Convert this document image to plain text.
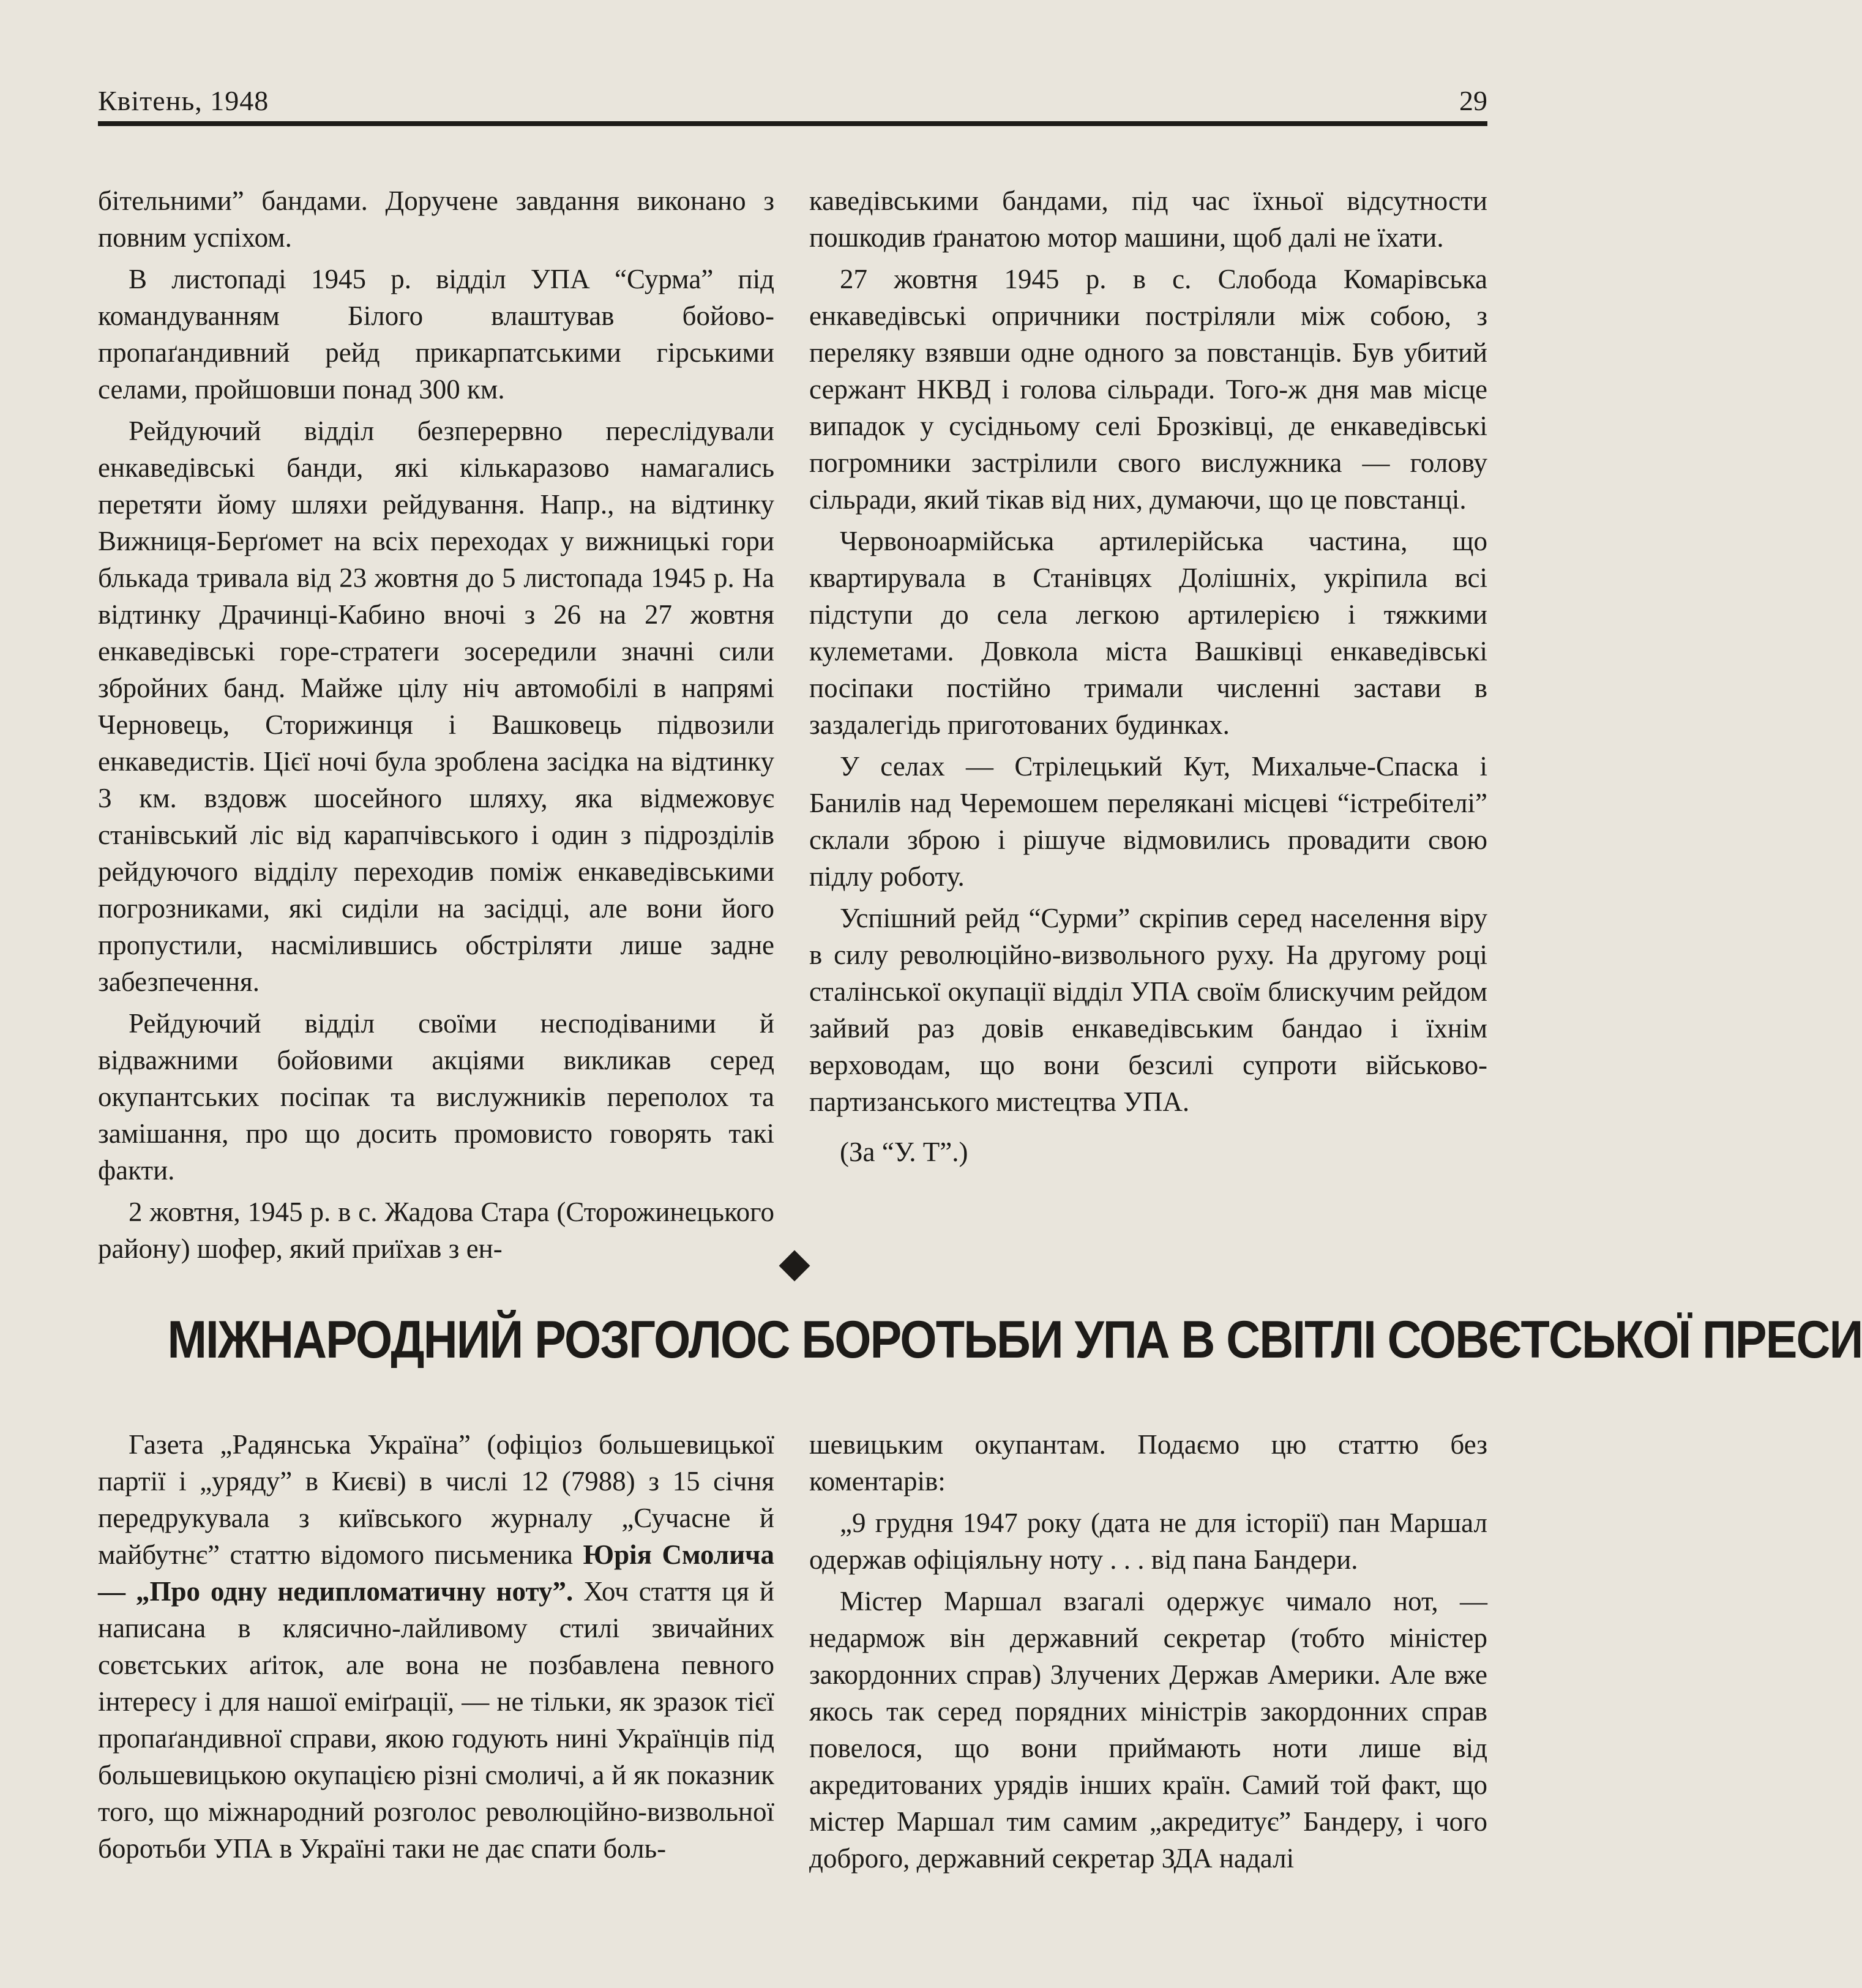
Квітень, 1948	29

бітельними” бандами. Доручене завдання виконано з повним успіхом.

В листопаді 1945 р. відділ УПА “Сурма” під командуванням Білого влаштував бойово-пропаґандивний рейд прикарпатськими гірськими селами, пройшовши понад 300 км.

Рейдуючий відділ безперервно переслідували енкаведівські банди, які кількаразово намагались перетяти йому шляхи рейдування. Напр., на відтинку Вижниця-Берґомет на всіх переходах у вижницькі гори блькада тривала від 23 жовтня до 5 листопада 1945 р. На відтинку Драчинці-Кабино вночі з 26 на 27 жовтня енкаведівські горе-стратеги зосередили значні сили збройних банд. Майже цілу ніч автомобілі в напрямі Черновець, Сторижинця і Вашковець підвозили енкаведистів. Цієї ночі була зроблена засідка на відтинку 3 км. вздовж шосейного шляху, яка відмежовує станівський ліс від карапчівського і один з підрозділів рейдуючого відділу переходив поміж енкаведівськими погрозниками, які сиділи на засідці, але вони його пропустили, насмілившись обстріляти лише задне забезпечення.

Рейдуючий відділ своїми несподіваними й відважними бойовими акціями викликав серед окупантських посіпак та вислужників переполох та замішання, про що досить промовисто говорять такі факти.

2 жовтня, 1945 р. в с. Жадова Стара (Сторожинецького району) шофер, який приїхав з ен-

каведівськими бандами, під час їхньої відсутности пошкодив ґранатою мотор машини, щоб далі не їхати.

27 жовтня 1945 р. в с. Слобода Комарівська енкаведівські опричники постріляли між собою, з переляку взявши одне одного за повстанців. Був убитий сержант НКВД і голова сільради. Того-ж дня мав місце випадок у сусідньому селі Брозківці, де енкаведівські погромники застрілили свого вислужника — голову сільради, який тікав від них, думаючи, що це повстанці.

Червоноармійська артилерійська частина, що квартирувала в Станівцях Долішніх, укріпила всі підступи до села легкою артилерією і тяжкими кулеметами. Довкола міста Вашківці енкаведівські посіпаки постійно тримали численні застави в заздалегідь приготованих будинках.

У селах — Стрілецький Кут, Михальче-Спаска і Банилів над Черемошем перелякані місцеві “істребітелі” склали зброю і рішуче відмовились провадити свою підлу роботу.

Успішний рейд “Сурми” скріпив серед населення віру в силу революційно-визвольного руху. На другому році сталінської окупації відділ УПА своїм блискучим рейдом зайвий раз довів енкаведівським бандао і їхнім верховодам, що вони безсилі супроти військово-партизанського мистецтва УПА.

(За “У. Т”.)

МІЖНАРОДНИЙ РОЗГОЛОС БОРОТЬБИ УПА В СВІТЛІ СОВЄТСЬКОЇ ПРЕСИ

Газета „Радянська Україна” (офіціоз большевицької партії і „уряду” в Києві) в числі 12 (7988) з 15 січня передрукувала з київського журналу „Сучасне й майбутнє” статтю відомого письменика Юрія Смолича — „Про одну недипломатичну ноту”. Хоч стаття ця й написана в клясично-лайливому стилі звичайних совєтських аґіток, але вона не позбавлена певного інтересу і для нашої еміґрації, — не тільки, як зразок тієї пропаґандивної справи, якою годують нині Українців під большевицькою окупацією різні смоличі, а й як показник того, що міжнародний розголос революційно-визвольної боротьби УПА в Україні таки не дає спати боль-

шевицьким окупантам. Подаємо цю статтю без коментарів:

„9 грудня 1947 року (дата не для історії) пан Маршал одержав офіціяльну ноту . . . від пана Бандери.

Містер Маршал взагалі одержує чимало нот, — недармож він державний секретар (тобто міністер закордонних справ) Злучених Держав Америки. Але вже якось так серед порядних міністрів закордонних справ повелося, що вони приймають ноти лише від акредитованих урядів інших країн. Самий той факт, що містер Маршал тим самим „акредитує” Бандеру, і чого доброго, державний секретар ЗДА надалі
